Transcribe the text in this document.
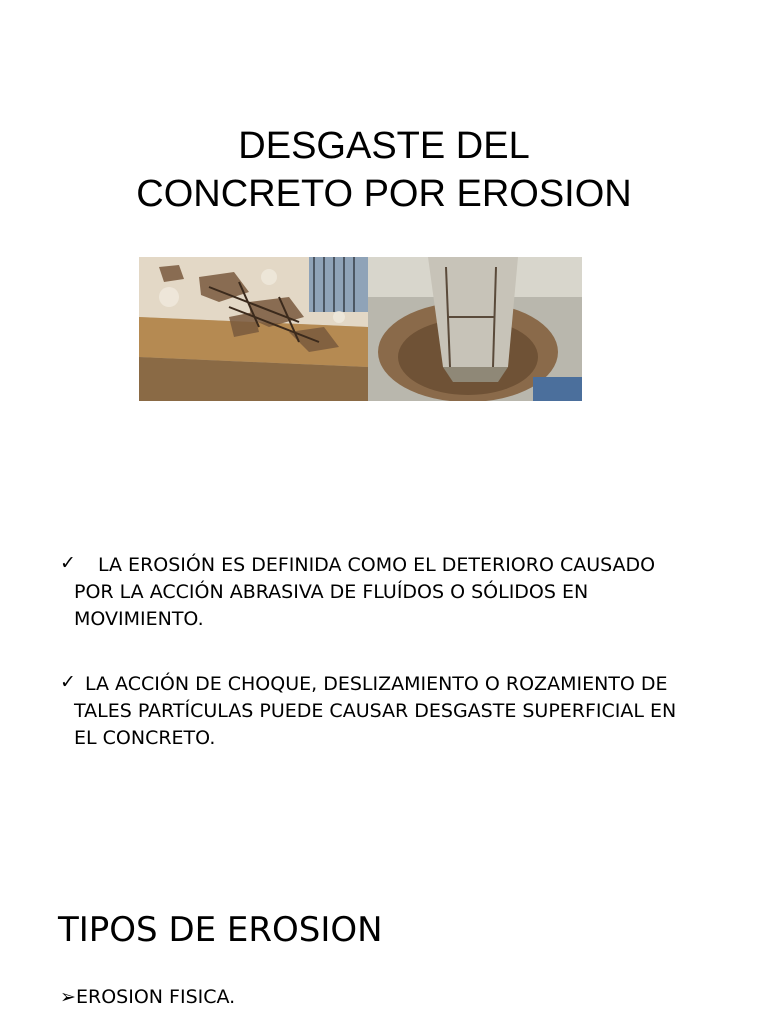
DESGASTE DEL
CONCRETO POR EROSION
✓	LA EROSIÓN ES DEFINIDA COMO EL DETERIORO CAUSADO POR LA ACCIÓN ABRASIVA DE FLUÍDOS O SÓLIDOS EN MOVIMIENTO.
✓ LA ACCIÓN DE CHOQUE, DESLIZAMIENTO O ROZAMIENTO DE TALES PARTÍCULAS PUEDE CAUSAR DESGASTE SUPERFICIAL EN EL CONCRETO.
TIPOS DE EROSION
➢EROSION FISICA.
